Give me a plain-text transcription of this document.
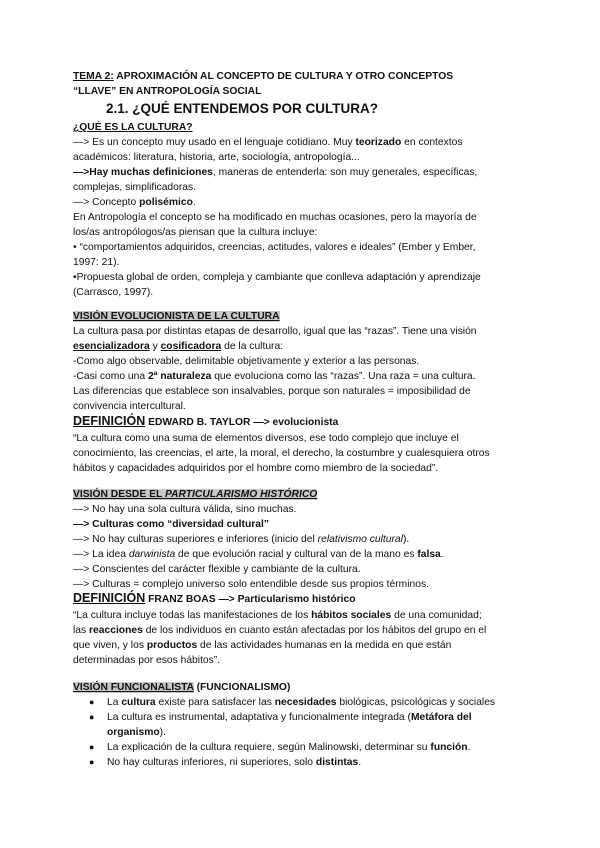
TEMA 2: APROXIMACIÓN AL CONCEPTO DE CULTURA Y OTRO CONCEPTOS
“LLAVE” EN ANTROPOLOGÍA SOCIAL
2.1. ¿QUÉ ENTENDEMOS POR CULTURA?
¿QUÉ ES LA CULTURA?
—> Es un concepto muy usado en el lenguaje cotidiano. Muy teorizado en contextos
académicos: literatura, historia, arte, sociología, antropología...
—>Hay muchas definiciones, maneras de entenderla: son muy generales, específicas,
complejas, simplificadoras.
—> Concepto polisémico.
En Antropología el concepto se ha modificado en muchas ocasiones, pero la mayoría de
los/as antropólogos/as piensan que la cultura incluye:
• “comportamientos adquiridos, creencias, actitudes, valores e ideales” (Ember y Ember,
1997: 21).
•Propuesta global de orden, compleja y cambiante que conlleva adaptación y aprendizaje
(Carrasco, 1997).
VISIÓN EVOLUCIONISTA DE LA CULTURA
La cultura pasa por distintas etapas de desarrollo, igual que las “razas”. Tiene una visión
esencializadora y cosificadora de la cultura:
-Como algo observable, delimitable objetivamente y exterior a las personas.
-Casi como una 2ª naturaleza que evoluciona como las “razas”. Una raza = una cultura.
Las diferencias que establece son insalvables, porque son naturales = imposibilidad de
convivencia intercultural.
DEFINICIÓN EDWARD B. TAYLOR —> evolucionista
“La cultura como una suma de elementos diversos, ese todo complejo que incluye el
conocimiento, las creencias, el arte, la moral, el derecho, la costumbre y cualesquiera otros
hábitos y capacidades adquiridos por el hombre como miembro de la sociedad”.
VISIÓN DESDE EL PARTICULARISMO HISTÓRICO
—> No hay una sola cultura válida, sino muchas.
—> Culturas como “diversidad cultural”
—> No hay culturas superiores e inferiores (inicio del relativismo cultural).
—> La idea darwinista de que evolución racial y cultural van de la mano es falsa.
—> Conscientes del carácter flexible y cambiante de la cultura.
—> Culturas = complejo universo solo entendible desde sus propios términos.
DEFINICIÓN FRANZ BOAS —> Particularismo histórico
“La cultura incluye todas las manifestaciones de los hábitos sociales de una comunidad;
las reacciones de los individuos en cuanto están afectadas por los hábitos del grupo en el
que viven, y los productos de las actividades humanas en la medida en que están
determinadas por esos hábitos”.
VISIÓN FUNCIONALISTA (FUNCIONALISMO)
● La cultura existe para satisfacer las necesidades biológicas, psicológicas y sociales
● La cultura es instrumental, adaptativa y funcionalmente integrada (Metáfora del
organismo).
● La explicación de la cultura requiere, según Malinowski, determinar su función.
● No hay culturas inferiores, ni superiores, solo distintas.
